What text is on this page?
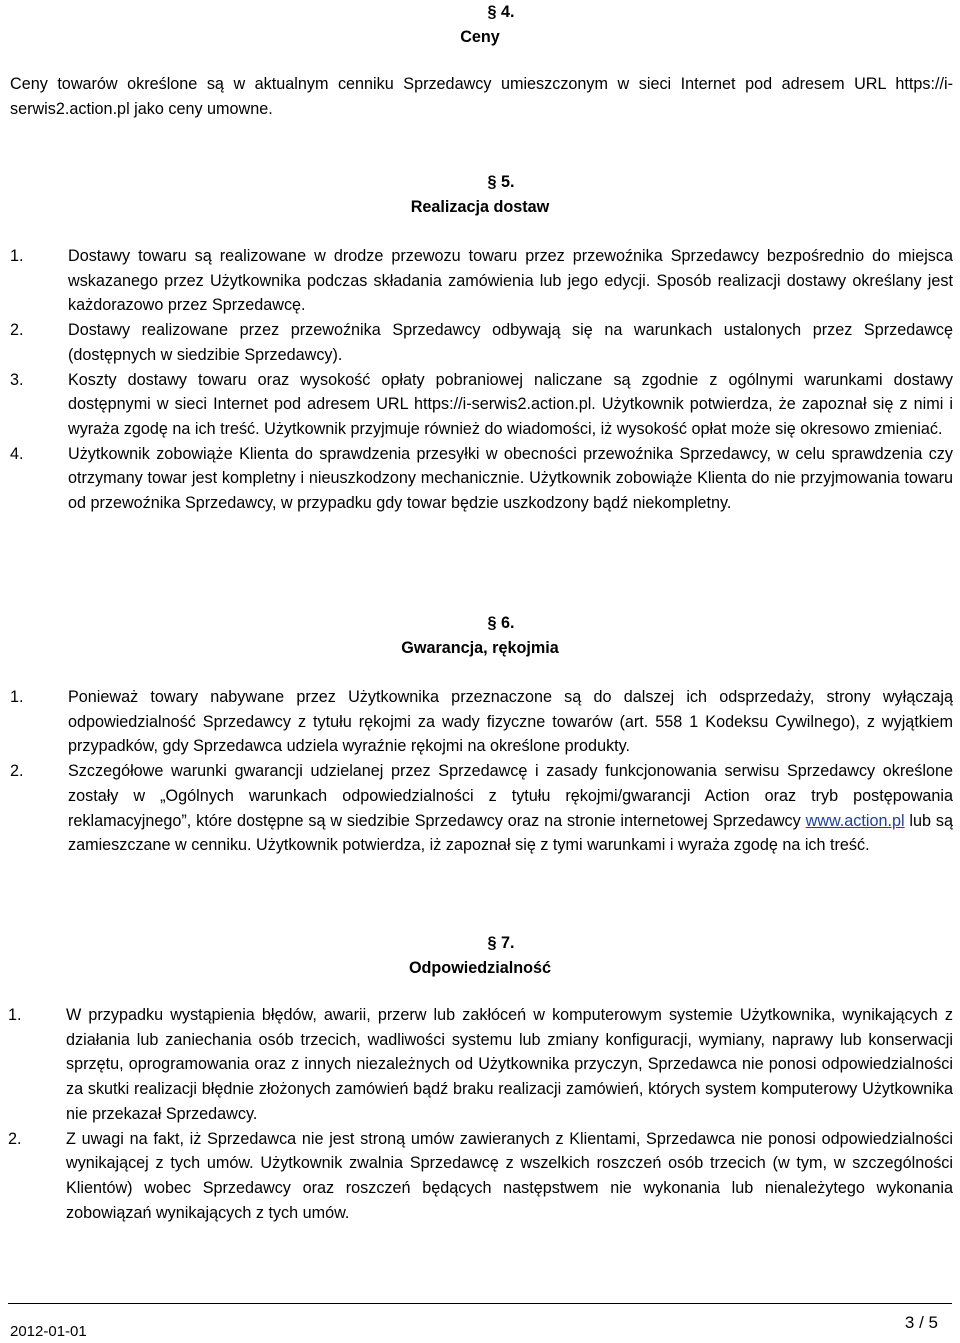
§ 4.
Ceny

Ceny towarów określone są w aktualnym cenniku Sprzedawcy umieszczonym w sieci Internet pod adresem URL https://i-serwis2.action.pl jako ceny umowne.

§ 5.
Realizacja dostaw
1.	Dostawy towaru są realizowane w drodze przewozu towaru przez przewoźnika Sprzedawcy bezpośrednio do miejsca wskazanego przez Użytkownika podczas składania zamówienia lub jego edycji. Sposób realizacji dostawy określany jest każdorazowo przez Sprzedawcę.
2.	Dostawy realizowane przez przewoźnika Sprzedawcy odbywają się na warunkach ustalonych przez Sprzedawcę (dostępnych w siedzibie Sprzedawcy).
3.	Koszty dostawy towaru oraz wysokość opłaty pobraniowej naliczane są zgodnie z ogólnymi warunkami dostawy dostępnymi w sieci Internet pod adresem URL https://i-serwis2.action.pl. Użytkownik potwierdza, że zapoznał się z nimi i wyraża zgodę na ich treść. Użytkownik przyjmuje również do wiadomości, iż wysokość opłat może się okresowo zmieniać.
4.	Użytkownik zobowiąże Klienta do sprawdzenia przesyłki w obecności przewoźnika Sprzedawcy, w celu sprawdzenia czy otrzymany towar jest kompletny i nieuszkodzony mechanicznie. Użytkownik zobowiąże Klienta do nie przyjmowania towaru od przewoźnika Sprzedawcy, w przypadku gdy towar będzie uszkodzony bądź niekompletny.
§ 6.
Gwarancja, rękojmia
1.	Ponieważ towary nabywane przez Użytkownika przeznaczone są do dalszej ich odsprzedaży, strony wyłączają odpowiedzialność Sprzedawcy z tytułu rękojmi za wady fizyczne towarów (art. 558 1 Kodeksu Cywilnego), z wyjątkiem przypadków, gdy Sprzedawca udziela wyraźnie rękojmi na określone produkty.
2.	Szczegółowe warunki gwarancji udzielanej przez Sprzedawcę i zasady funkcjonowania serwisu Sprzedawcy określone zostały w „Ogólnych warunkach odpowiedzialności z tytułu rękojmi/gwarancji Action oraz tryb postępowania reklamacyjnego”, które dostępne są w siedzibie Sprzedawcy oraz na stronie internetowej Sprzedawcy www.action.pl lub są zamieszczane w cenniku. Użytkownik potwierdza, iż zapoznał się z tymi warunkami i wyraża zgodę na ich treść.
§ 7.
Odpowiedzialność
1.	W przypadku wystąpienia błędów, awarii, przerw lub zakłóceń w komputerowym systemie Użytkownika, wynikających z działania lub zaniechania osób trzecich, wadliwości systemu lub zmiany konfiguracji, wymiany, naprawy lub konserwacji sprzętu, oprogramowania oraz z innych niezależnych od Użytkownika przyczyn, Sprzedawca nie ponosi odpowiedzialności za skutki realizacji błędnie złożonych zamówień bądź braku realizacji zamówień, których system komputerowy Użytkownika nie przekazał Sprzedawcy.
2.	Z uwagi na fakt, iż Sprzedawca nie jest stroną umów zawieranych z Klientami, Sprzedawca nie ponosi odpowiedzialności wynikającej z tych umów. Użytkownik zwalnia Sprzedawcę z wszelkich roszczeń osób trzecich (w tym, w szczególności Klientów) wobec Sprzedawcy oraz roszczeń będących następstwem nie wykonania lub nienależytego wykonania zobowiązań wynikających z tych umów.
2012-01-01	3 / 5
